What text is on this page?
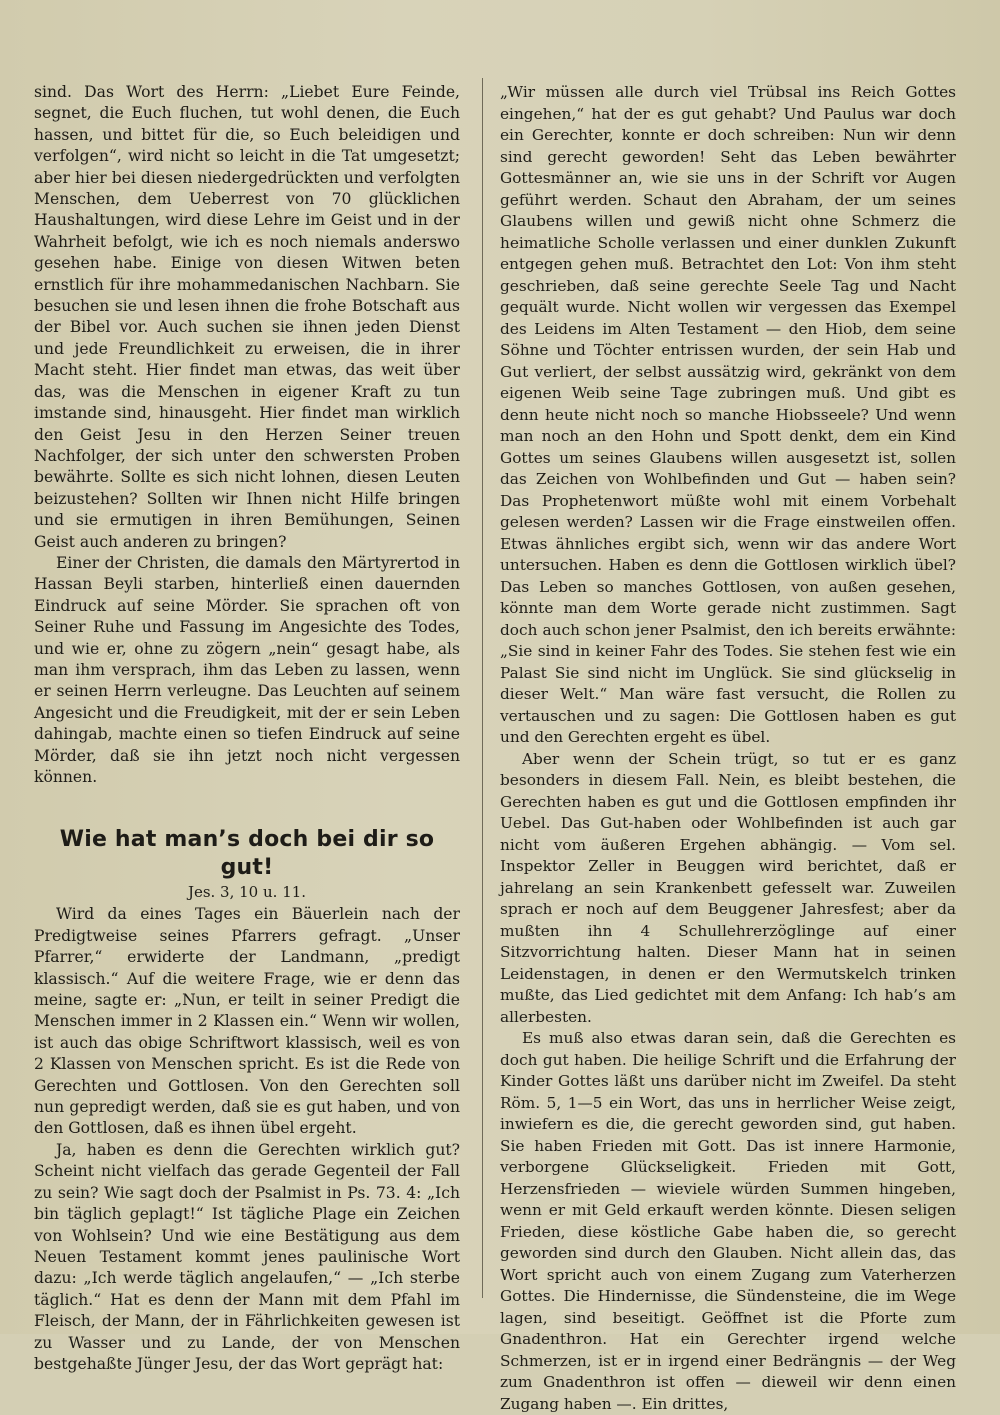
sind. Das Wort des Herrn: „Liebet Eure Feinde, segnet, die Euch fluchen, tut wohl denen, die Euch hassen, und bittet für die, so Euch beleidigen und verfolgen“, wird nicht so leicht in die Tat umgesetzt; aber hier bei diesen niedergedrückten und verfolgten Menschen, dem Ueberrest von 70 glücklichen Haushaltungen, wird diese Lehre im Geist und in der Wahrheit befolgt, wie ich es noch niemals anderswo gesehen habe. Einige von diesen Witwen beten ernstlich für ihre mohammedanischen Nachbarn. Sie besuchen sie und lesen ihnen die frohe Botschaft aus der Bibel vor. Auch suchen sie ihnen jeden Dienst und jede Freundlichkeit zu erweisen, die in ihrer Macht steht. Hier findet man etwas, das weit über das, was die Menschen in eigener Kraft zu tun imstande sind, hinausgeht. Hier findet man wirklich den Geist Jesu in den Herzen Seiner treuen Nachfolger, der sich unter den schwersten Proben bewährte. Sollte es sich nicht lohnen, diesen Leuten beizustehen? Sollten wir Ihnen nicht Hilfe bringen und sie ermutigen in ihren Bemühungen, Seinen Geist auch anderen zu bringen?

Einer der Christen, die damals den Märtyrertod in Hassan Beyli starben, hinterließ einen dauernden Eindruck auf seine Mörder. Sie sprachen oft von Seiner Ruhe und Fassung im Angesichte des Todes, und wie er, ohne zu zögern „nein“ gesagt habe, als man ihm versprach, ihm das Leben zu lassen, wenn er seinen Herrn verleugne. Das Leuchten auf seinem Angesicht und die Freudigkeit, mit der er sein Leben dahingab, machte einen so tiefen Eindruck auf seine Mörder, daß sie ihn jetzt noch nicht vergessen können.

Wie hat man’s doch bei dir so gut!

Jes. 3, 10 u. 11.

Wird da eines Tages ein Bäuerlein nach der Predigtweise seines Pfarrers gefragt. „Unser Pfarrer,“ erwiderte der Landmann, „predigt klassisch.“ Auf die weitere Frage, wie er denn das meine, sagte er: „Nun, er teilt in seiner Predigt die Menschen immer in 2 Klassen ein.“ Wenn wir wollen, ist auch das obige Schriftwort klassisch, weil es von 2 Klassen von Menschen spricht. Es ist die Rede von Gerechten und Gottlosen. Von den Gerechten soll nun gepredigt werden, daß sie es gut haben, und von den Gottlosen, daß es ihnen übel ergeht.

Ja, haben es denn die Gerechten wirklich gut? Scheint nicht vielfach das gerade Gegenteil der Fall zu sein? Wie sagt doch der Psalmist in Ps. 73. 4: „Ich bin täglich geplagt!“ Ist tägliche Plage ein Zeichen von Wohlsein? Und wie eine Bestätigung aus dem Neuen Testament kommt jenes paulinische Wort dazu: „Ich werde täglich angelaufen,“ — „Ich sterbe täglich.“ Hat es denn der Mann mit dem Pfahl im Fleisch, der Mann, der in Fährlichkeiten gewesen ist zu Wasser und zu Lande, der von Menschen bestgehaßte Jünger Jesu, der das Wort geprägt hat:

„Wir müssen alle durch viel Trübsal ins Reich Gottes eingehen,“ hat der es gut gehabt? Und Paulus war doch ein Gerechter, konnte er doch schreiben: Nun wir denn sind gerecht geworden! Seht das Leben bewährter Gottesmänner an, wie sie uns in der Schrift vor Augen geführt werden. Schaut den Abraham, der um seines Glaubens willen und gewiß nicht ohne Schmerz die heimatliche Scholle verlassen und einer dunklen Zukunft entgegen gehen muß. Betrachtet den Lot: Von ihm steht geschrieben, daß seine gerechte Seele Tag und Nacht gequält wurde. Nicht wollen wir vergessen das Exempel des Leidens im Alten Testament — den Hiob, dem seine Söhne und Töchter entrissen wurden, der sein Hab und Gut verliert, der selbst aussätzig wird, gekränkt von dem eigenen Weib seine Tage zubringen muß. Und gibt es denn heute nicht noch so manche Hiobsseele? Und wenn man noch an den Hohn und Spott denkt, dem ein Kind Gottes um seines Glaubens willen ausgesetzt ist, sollen das Zeichen von Wohlbefinden und Gut — haben sein? Das Prophetenwort müßte wohl mit einem Vorbehalt gelesen werden? Lassen wir die Frage einstweilen offen. Etwas ähnliches ergibt sich, wenn wir das andere Wort untersuchen. Haben es denn die Gottlosen wirklich übel? Das Leben so manches Gottlosen, von außen gesehen, könnte man dem Worte gerade nicht zustimmen. Sagt doch auch schon jener Psalmist, den ich bereits erwähnte: „Sie sind in keiner Fahr des Todes. Sie stehen fest wie ein Palast Sie sind nicht im Unglück. Sie sind glückselig in dieser Welt.“ Man wäre fast versucht, die Rollen zu vertauschen und zu sagen: Die Gottlosen haben es gut und den Gerechten ergeht es übel.

Aber wenn der Schein trügt, so tut er es ganz besonders in diesem Fall. Nein, es bleibt bestehen, die Gerechten haben es gut und die Gottlosen empfinden ihr Uebel. Das Gut-haben oder Wohlbefinden ist auch gar nicht vom äußeren Ergehen abhängig. — Vom sel. Inspektor Zeller in Beuggen wird berichtet, daß er jahrelang an sein Krankenbett gefesselt war. Zuweilen sprach er noch auf dem Beuggener Jahresfest; aber da mußten ihn 4 Schullehrerzöglinge auf einer Sitzvorrichtung halten. Dieser Mann hat in seinen Leidenstagen, in denen er den Wermutskelch trinken mußte, das Lied gedichtet mit dem Anfang: Ich hab’s am allerbesten.

Es muß also etwas daran sein, daß die Gerechten es doch gut haben. Die heilige Schrift und die Erfahrung der Kinder Gottes läßt uns darüber nicht im Zweifel. Da steht Röm. 5, 1—5 ein Wort, das uns in herrlicher Weise zeigt, inwiefern es die, die gerecht geworden sind, gut haben. Sie haben Frieden mit Gott. Das ist innere Harmonie, verborgene Glückseligkeit. Frieden mit Gott, Herzensfrieden — wieviele würden Summen hingeben, wenn er mit Geld erkauft werden könnte. Diesen seligen Frieden, diese köstliche Gabe haben die, so gerecht geworden sind durch den Glauben. Nicht allein das, das Wort spricht auch von einem Zugang zum Vaterherzen Gottes. Die Hindernisse, die Sündensteine, die im Wege lagen, sind beseitigt. Geöffnet ist die Pforte zum Gnadenthron. Hat ein Gerechter irgend welche Schmerzen, ist er in irgend einer Bedrängnis — der Weg zum Gnadenthron ist offen — dieweil wir denn einen Zugang haben —. Ein drittes,
